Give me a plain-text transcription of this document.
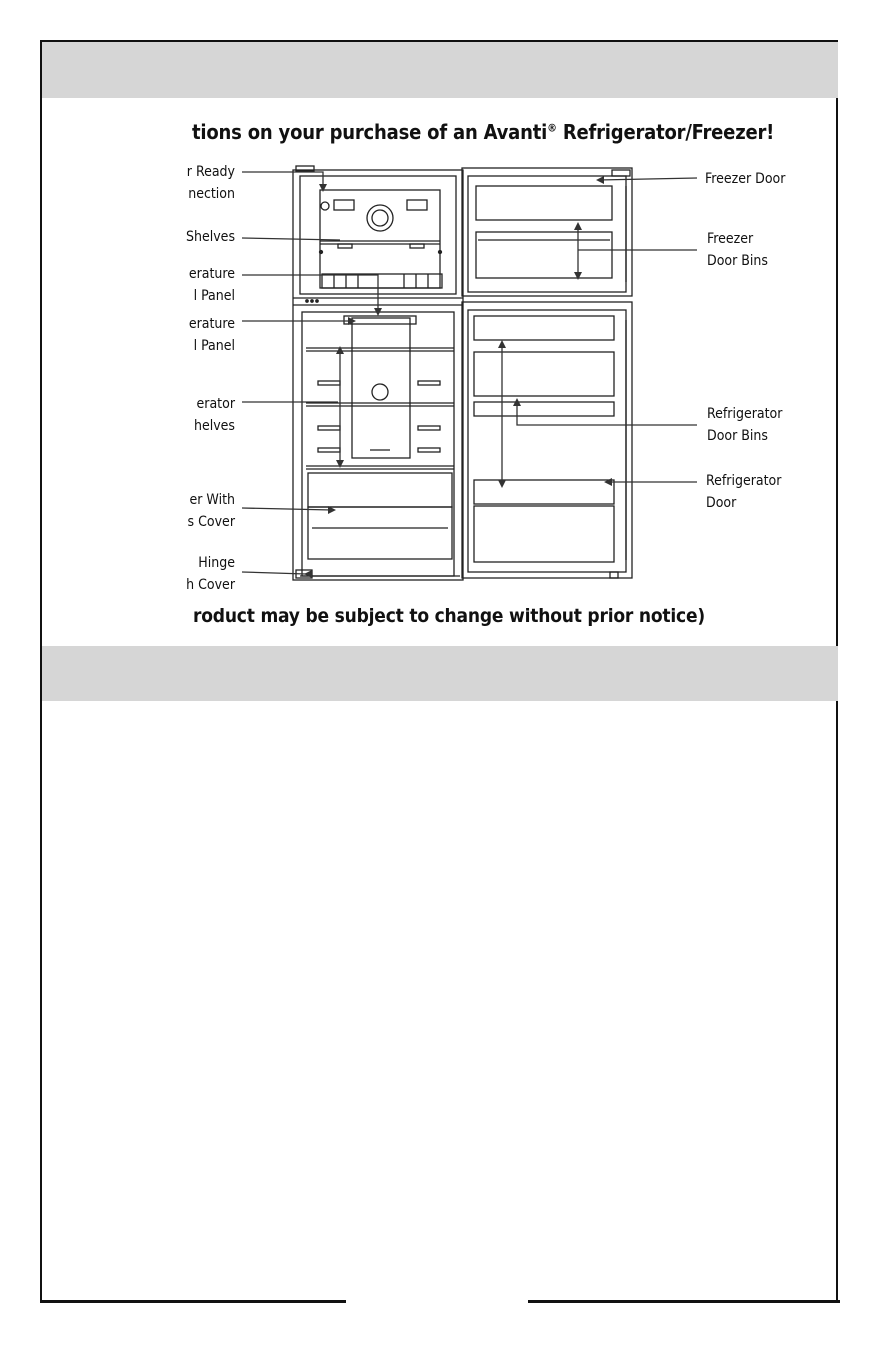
tions on your purchase of an Avanti® Refrigerator/Freezer!
r Ready
nection
Shelves
erature
l Panel
erature
l Panel
erator
helves
er With
s Cover
Hinge
h Cover
Freezer Door
Freezer
Door Bins
Refrigerator
Door Bins
Refrigerator
Door
roduct may be subject to change without prior notice)
